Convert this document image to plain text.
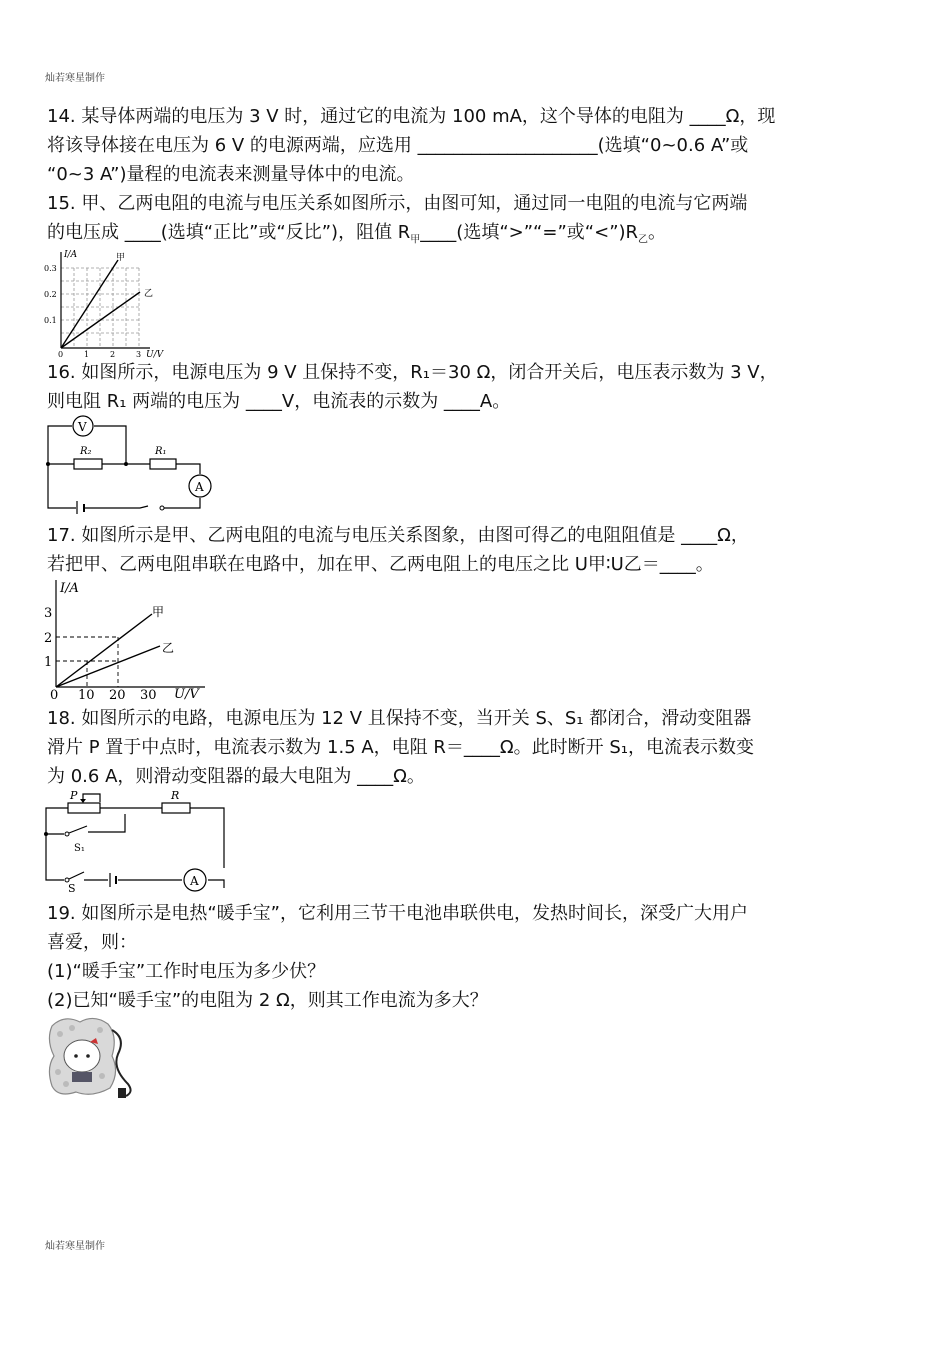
灿若寒星制作
14. 某导体两端的电压为 3 V 时，通过它的电流为 100 mA，这个导体的电阻为 ____Ω，现
将该导体接在电压为 6 V 的电源两端，应选用 ____________________(选填“0~0.6 A”或
“0~3 A”)量程的电流表来测量导体中的电流。
15. 甲、乙两电阻的电流与电压关系如图所示，由图可知，通过同一电阻的电流与它两端
的电压成 ____(选填“正比”或“反比”)，阻值 $R_甲\_\_\_\_$(选填“>”“=”或“$<”)R_乙$。
I/A
U/V
0.3
0.2
0.1
0	1	2	3
甲
乙
16. 如图所示，电源电压为 9 V 且保持不变，R₁＝30 Ω，闭合开关后，电压表示数为 3 V，
则电阻 R₁ 两端的电压为 ____V，电流表的示数为 ____A。
V
R₂	R₁
A
17. 如图所示是甲、乙两电阻的电流与电压关系图象，由图可得乙的电阻阻值是 ____Ω，
若把甲、乙两电阻串联在电路中，加在甲、乙两电阻上的电压之比 U甲∶U乙＝____。
I/A
U/V
3
2
1
0 10 20 30
甲
乙
18. 如图所示的电路，电源电压为 12 V 且保持不变，当开关 S、S₁ 都闭合，滑动变阻器
滑片 P 置于中点时，电流表示数为 1.5 A，电阻 R＝____Ω。此时断开 S₁，电流表示数变
为 0.6 A，则滑动变阻器的最大电阻为 ____Ω。
P	R
S₁
S
A
19. 如图所示是电热“暖手宝”，它利用三节干电池串联供电，发热时间长，深受广大用户
喜爱，则：
(1)“暖手宝”工作时电压为多少伏？
(2)已知“暖手宝”的电阻为 2 Ω，则其工作电流为多大？
灿若寒星制作
